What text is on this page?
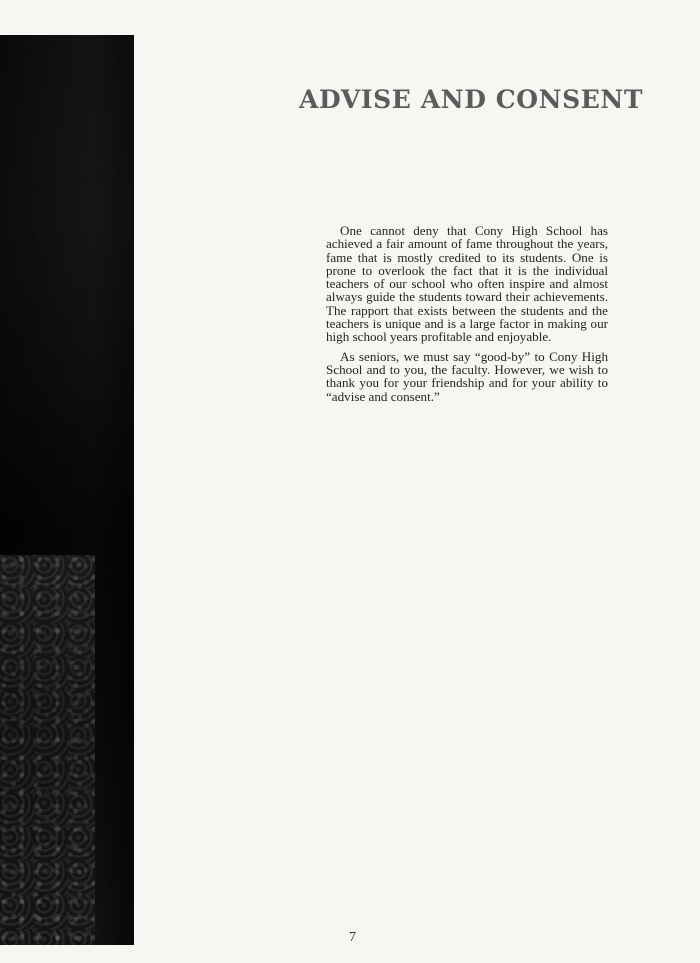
ADVISE AND CONSENT

One cannot deny that Cony High School has achieved a fair amount of fame throughout the years, fame that is mostly credited to its students. One is prone to overlook the fact that it is the individual teachers of our school who often inspire and almost always guide the students toward their achievements. The rapport that exists between the students and the teachers is unique and is a large factor in making our high school years profitable and enjoyable.

As seniors, we must say “good-by” to Cony High School and to you, the faculty. However, we wish to thank you for your friendship and for your ability to “advise and consent.”

7
